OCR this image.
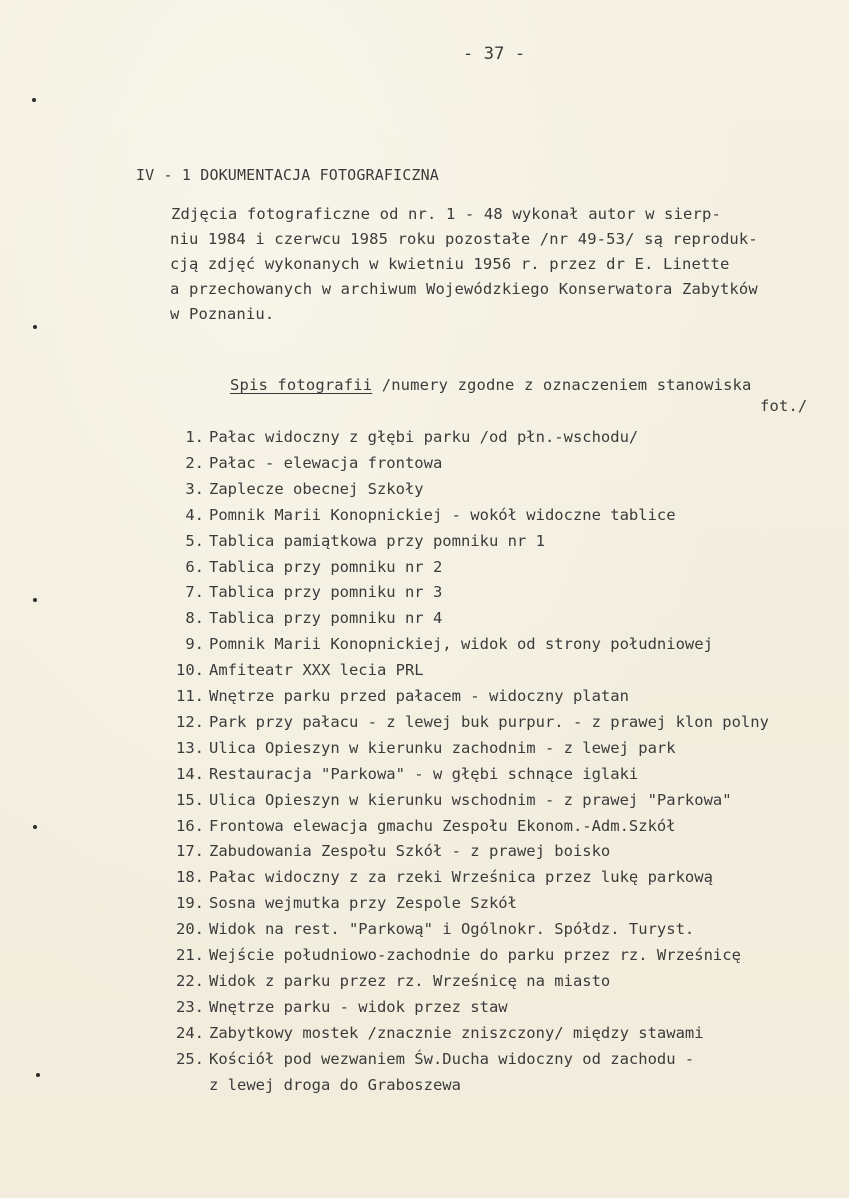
- 37 -
IV - 1 DOKUMENTACJA FOTOGRAFICZNA
Zdjęcia fotograficzne od nr. 1 - 48 wykonał autor w sierp-
niu 1984 i czerwcu 1985 roku pozostałe /nr 49-53/ są reproduk-
cją zdjęć wykonanych w kwietniu 1956 r. przez dr E. Linette
a przechowanych w archiwum Wojewódzkiego Konserwatora Zabytków
w Poznaniu.
Spis fotografii /numery zgodne z oznaczeniem stanowiska
fot./
1. Pałac widoczny z głębi parku /od płn.-wschodu/
2. Pałac - elewacja frontowa
3. Zaplecze obecnej Szkoły
4. Pomnik Marii Konopnickiej - wokół widoczne tablice
5. Tablica pamiątkowa przy pomniku nr 1
6. Tablica przy pomniku nr 2
7. Tablica przy pomniku nr 3
8. Tablica przy pomniku nr 4
9. Pomnik Marii Konopnickiej, widok od strony południowej
10. Amfiteatr XXX lecia PRL
11. Wnętrze parku przed pałacem - widoczny platan
12. Park przy pałacu - z lewej buk purpur. - z prawej klon polny
13. Ulica Opieszyn w kierunku zachodnim - z lewej park
14. Restauracja "Parkowa" - w głębi schnące iglaki
15. Ulica Opieszyn w kierunku wschodnim - z prawej "Parkowa"
16. Frontowa elewacja gmachu Zespołu Ekonom.-Adm.Szkół
17. Zabudowania Zespołu Szkół - z prawej boisko
18. Pałac widoczny z za rzeki Wrześnica przez lukę parkową
19. Sosna wejmutka przy Zespole Szkół
20. Widok na rest. "Parkową" i Ogólnokr. Spółdz. Turyst.
21. Wejście południowo-zachodnie do parku przez rz. Wrześnicę
22. Widok z parku przez rz. Wrześnicę na miasto
23. Wnętrze parku - widok przez staw
24. Zabytkowy mostek /znacznie zniszczony/ między stawami
25. Kościół pod wezwaniem Św.Ducha widoczny od zachodu -
z lewej droga do Graboszewa
